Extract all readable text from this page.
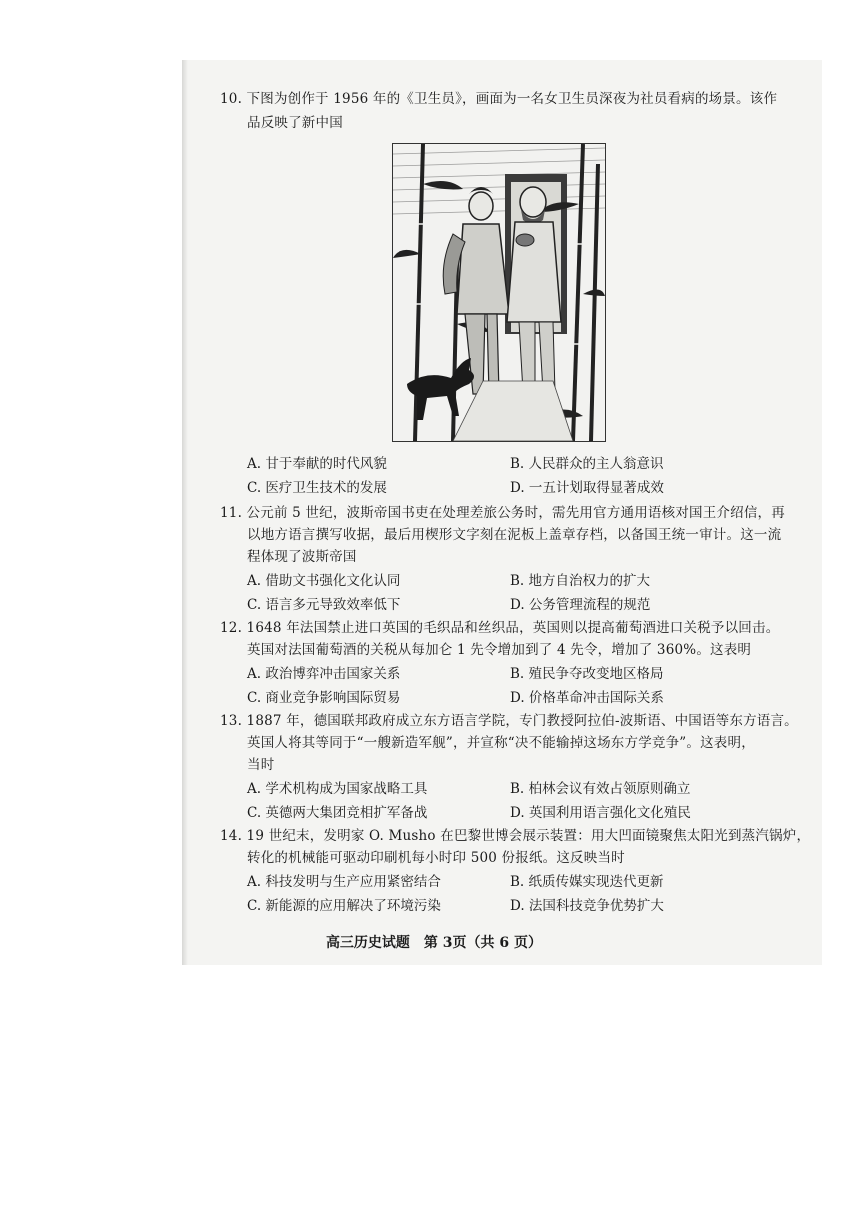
10. 下图为创作于 1956 年的《卫生员》，画面为一名女卫生员深夜为社员看病的场景。该作
品反映了新中国
A. 甘于奉献的时代风貌	B. 人民群众的主人翁意识
C. 医疗卫生技术的发展	D. 一五计划取得显著成效
11. 公元前 5 世纪，波斯帝国书吏在处理差旅公务时，需先用官方通用语核对国王介绍信，再
以地方语言撰写收据，最后用楔形文字刻在泥板上盖章存档，以备国王统一审计。这一流
程体现了波斯帝国
A. 借助文书强化文化认同	B. 地方自治权力的扩大
C. 语言多元导致效率低下	D. 公务管理流程的规范
12. 1648 年法国禁止进口英国的毛织品和丝织品，英国则以提高葡萄酒进口关税予以回击。
英国对法国葡萄酒的关税从每加仑 1 先令增加到了 4 先令，增加了 360%。这表明
A. 政治博弈冲击国家关系	B. 殖民争夺改变地区格局
C. 商业竞争影响国际贸易	D. 价格革命冲击国际关系
13. 1887 年，德国联邦政府成立东方语言学院，专门教授阿拉伯-波斯语、中国语等东方语言。
英国人将其等同于“一艘新造军舰”，并宣称“决不能输掉这场东方学竞争”。这表明，
当时
A. 学术机构成为国家战略工具	B. 柏林会议有效占领原则确立
C. 英德两大集团竞相扩军备战	D. 英国利用语言强化文化殖民
14. 19 世纪末，发明家 O. Musho 在巴黎世博会展示装置：用大凹面镜聚焦太阳光到蒸汽锅炉，
转化的机械能可驱动印刷机每小时印 500 份报纸。这反映当时
A. 科技发明与生产应用紧密结合	B. 纸质传媒实现迭代更新
C. 新能源的应用解决了环境污染	D. 法国科技竞争优势扩大
高三历史试题　第 3页（共 6 页）
